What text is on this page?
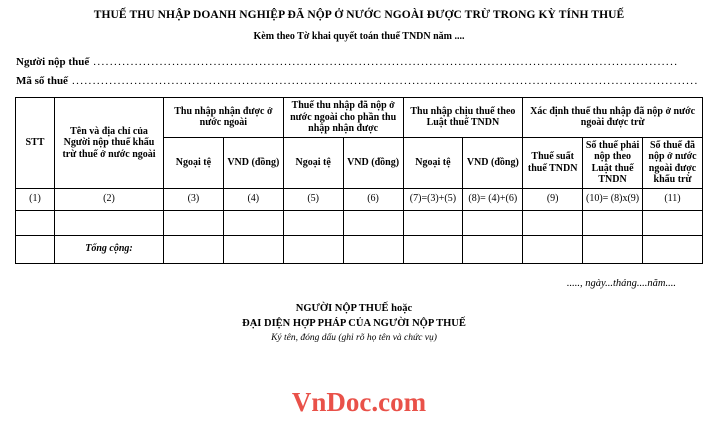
THUẾ THU NHẬP DOANH NGHIỆP ĐÃ NỘP Ở NƯỚC NGOÀI ĐƯỢC TRỪ TRONG KỲ TÍNH THUẾ
Kèm theo Tờ khai quyết toán thuế TNDN năm ....
Người nộp thuế .............................................................................................................................................
Mã số thuế .......................................................................................................................................................
STT	Tên và địa chỉ của Người nộp thuế khấu trừ thuế ở nước ngoài	Thu nhập nhận được ở nước ngoài		Thuế thu nhập đã nộp ở nước ngoài cho phần thu nhập nhận được		Thu nhập chịu thuế theo Luật thuế TNDN		Xác định thuế thu nhập đã nộp ở nước ngoài được trừ		
		Ngoại tệ	VND (đồng)	Ngoại tệ	VND (đồng)	Ngoại tệ	VND (đồng)	Thuế suất thuế TNDN	Số thuế phải nộp theo Luật thuế TNDN	Số thuế đã nộp ở nước ngoài được khấu trừ
(1)	(2)	(3)	(4)	(5)	(6)	(7)=(3)+(5)	(8)= (4)+(6)	(9)	(10)= (8)x(9)	(11)

	Tổng cộng:									
....., ngày...tháng....năm....
NGƯỜI NỘP THUẾ hoặc
ĐẠI DIỆN HỢP PHÁP CỦA NGƯỜI NỘP THUẾ
Ký tên, đóng dấu (ghi rõ họ tên và chức vụ)
VnDoc.com
